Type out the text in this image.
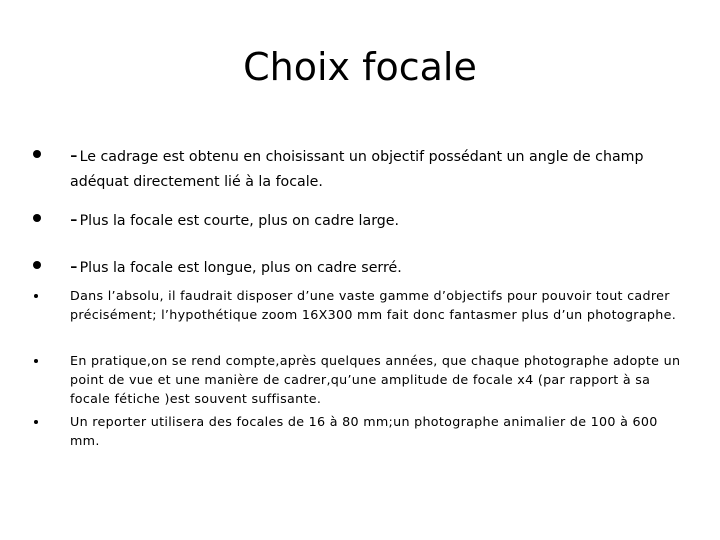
Choix focale
- Le cadrage est obtenu en choisissant un objectif possédant un angle de champ
adéquat directement lié à la focale.
- Plus la focale est courte, plus on cadre large.
- Plus la focale est longue, plus on cadre serré.
Dans l’absolu, il faudrait disposer d’une vaste gamme d’objectifs pour pouvoir tout cadrer précisément; l’hypothétique zoom 16X300 mm fait donc fantasmer plus d’un photographe.
En pratique,on se rend compte,après quelques années, que chaque photographe adopte un point de vue et une manière de cadrer,qu’une amplitude de focale x4 (par rapport à sa focale fétiche )est souvent suffisante.
Un reporter utilisera des focales de 16 à 80 mm;un photographe animalier de 100 à 600 mm.
